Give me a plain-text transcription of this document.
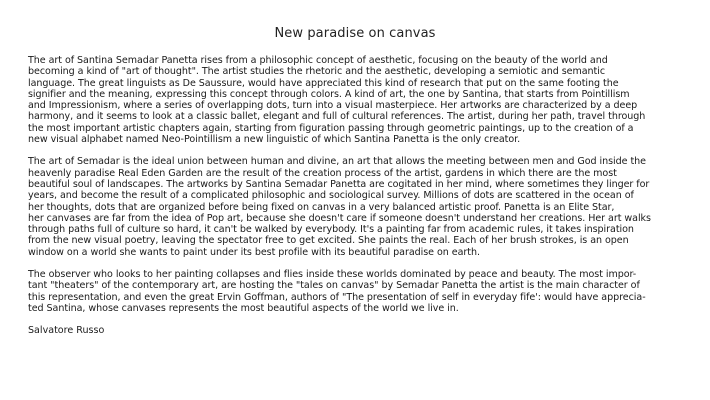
New paradise on canvas

The art of Santina Semadar Panetta rises from a philosophic concept of aesthetic, focusing on the beauty of the world and
becoming a kind of "art of thought". The artist studies the rhetoric and the aesthetic, developing a semiotic and semantic
language. The great linguists as De Saussure, would have appreciated this kind of research that put on the same footing the
signifier and the meaning, expressing this concept through colors. A kind of art, the one by Santina, that starts from Pointillism
and Impressionism, where a series of overlapping dots, turn into a visual masterpiece. Her artworks are characterized by a deep
harmony, and it seems to look at a classic ballet, elegant and full of cultural references. The artist, during her path, travel through
the most important artistic chapters again, starting from figuration passing through geometric paintings, up to the creation of a
new visual alphabet named Neo-Pointillism a new linguistic of which Santina Panetta is the only creator.

The art of Semadar is the ideal union between human and divine, an art that allows the meeting between men and God inside the
heavenly paradise Real Eden Garden are the result of the creation process of the artist, gardens in which there are the most
beautiful soul of landscapes. The artworks by Santina Semadar Panetta are cogitated in her mind, where sometimes they linger for
years, and become the result of a complicated philosophic and sociological survey. Millions of dots are scattered in the ocean of
her thoughts, dots that are organized before being fixed on canvas in a very balanced artistic proof. Panetta is an Elite Star,
her canvases are far from the idea of Pop art, because she doesn't care if someone doesn't understand her creations. Her art walks
through paths full of culture so hard, it can't be walked by everybody. It's a painting far from academic rules, it takes inspiration
from the new visual poetry, leaving the spectator free to get excited. She paints the real. Each of her brush strokes, is an open
window on a world she wants to paint under its best profile with its beautiful paradise on earth.

The observer who looks to her painting collapses and flies inside these worlds dominated by peace and beauty. The most impor-
tant "theaters" of the contemporary art, are hosting the "tales on canvas" by Semadar Panetta the artist is the main character of
this representation, and even the great Ervin Goffman, authors of "The presentation of self in everyday fife': would have apprecia-
ted Santina, whose canvases represents the most beautiful aspects of the world we live in.

Salvatore Russo
